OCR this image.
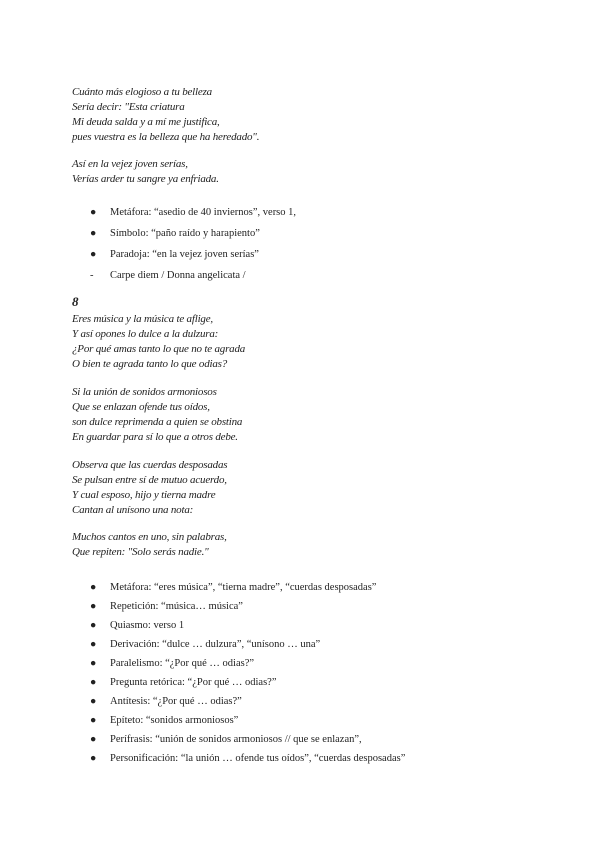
Cuánto más elogioso a tu belleza
Sería decir: "Esta criatura
Mi deuda salda y a mí me justifica,
pues vuestra es la belleza que ha heredado".
Así en la vejez joven serías,
Verías arder tu sangre ya enfriada.
●	Metáfora: “asedio de 40 inviernos”, verso 1,
●	Símbolo: “paño raído y harapiento”
●	Paradoja: “en la vejez joven serías”
-	Carpe diem / Donna angelicata /
8
Eres música y la música te aflige,
Y así opones lo dulce a la dulzura:
¿Por qué amas tanto lo que no te agrada
O bien te agrada tanto lo que odias?
Si la unión de sonidos armoniosos
Que se enlazan ofende tus oídos,
son dulce reprimenda a quien se obstina
En guardar para sí lo que a otros debe.
Observa que las cuerdas desposadas
Se pulsan entre sí de mutuo acuerdo,
Y cual esposo, hijo y tierna madre
Cantan al unísono una nota:
Muchos cantos en uno, sin palabras,
Que repiten: "Solo serás nadie."
●	Metáfora: “eres música”, “tierna madre”, “cuerdas desposadas”
●	Repetición: “música… música”
●	Quiasmo: verso 1
●	Derivación: “dulce … dulzura”, “unísono … una”
●	Paralelismo: “¿Por qué … odias?”
●	Pregunta retórica: “¿Por qué … odias?”
●	Antítesis: “¿Por qué … odias?”
●	Epíteto: “sonidos armoniosos”
●	Perífrasis: “unión de sonidos armoniosos // que se enlazan”,
●	Personificación: “la unión … ofende tus oídos”, “cuerdas desposadas”
